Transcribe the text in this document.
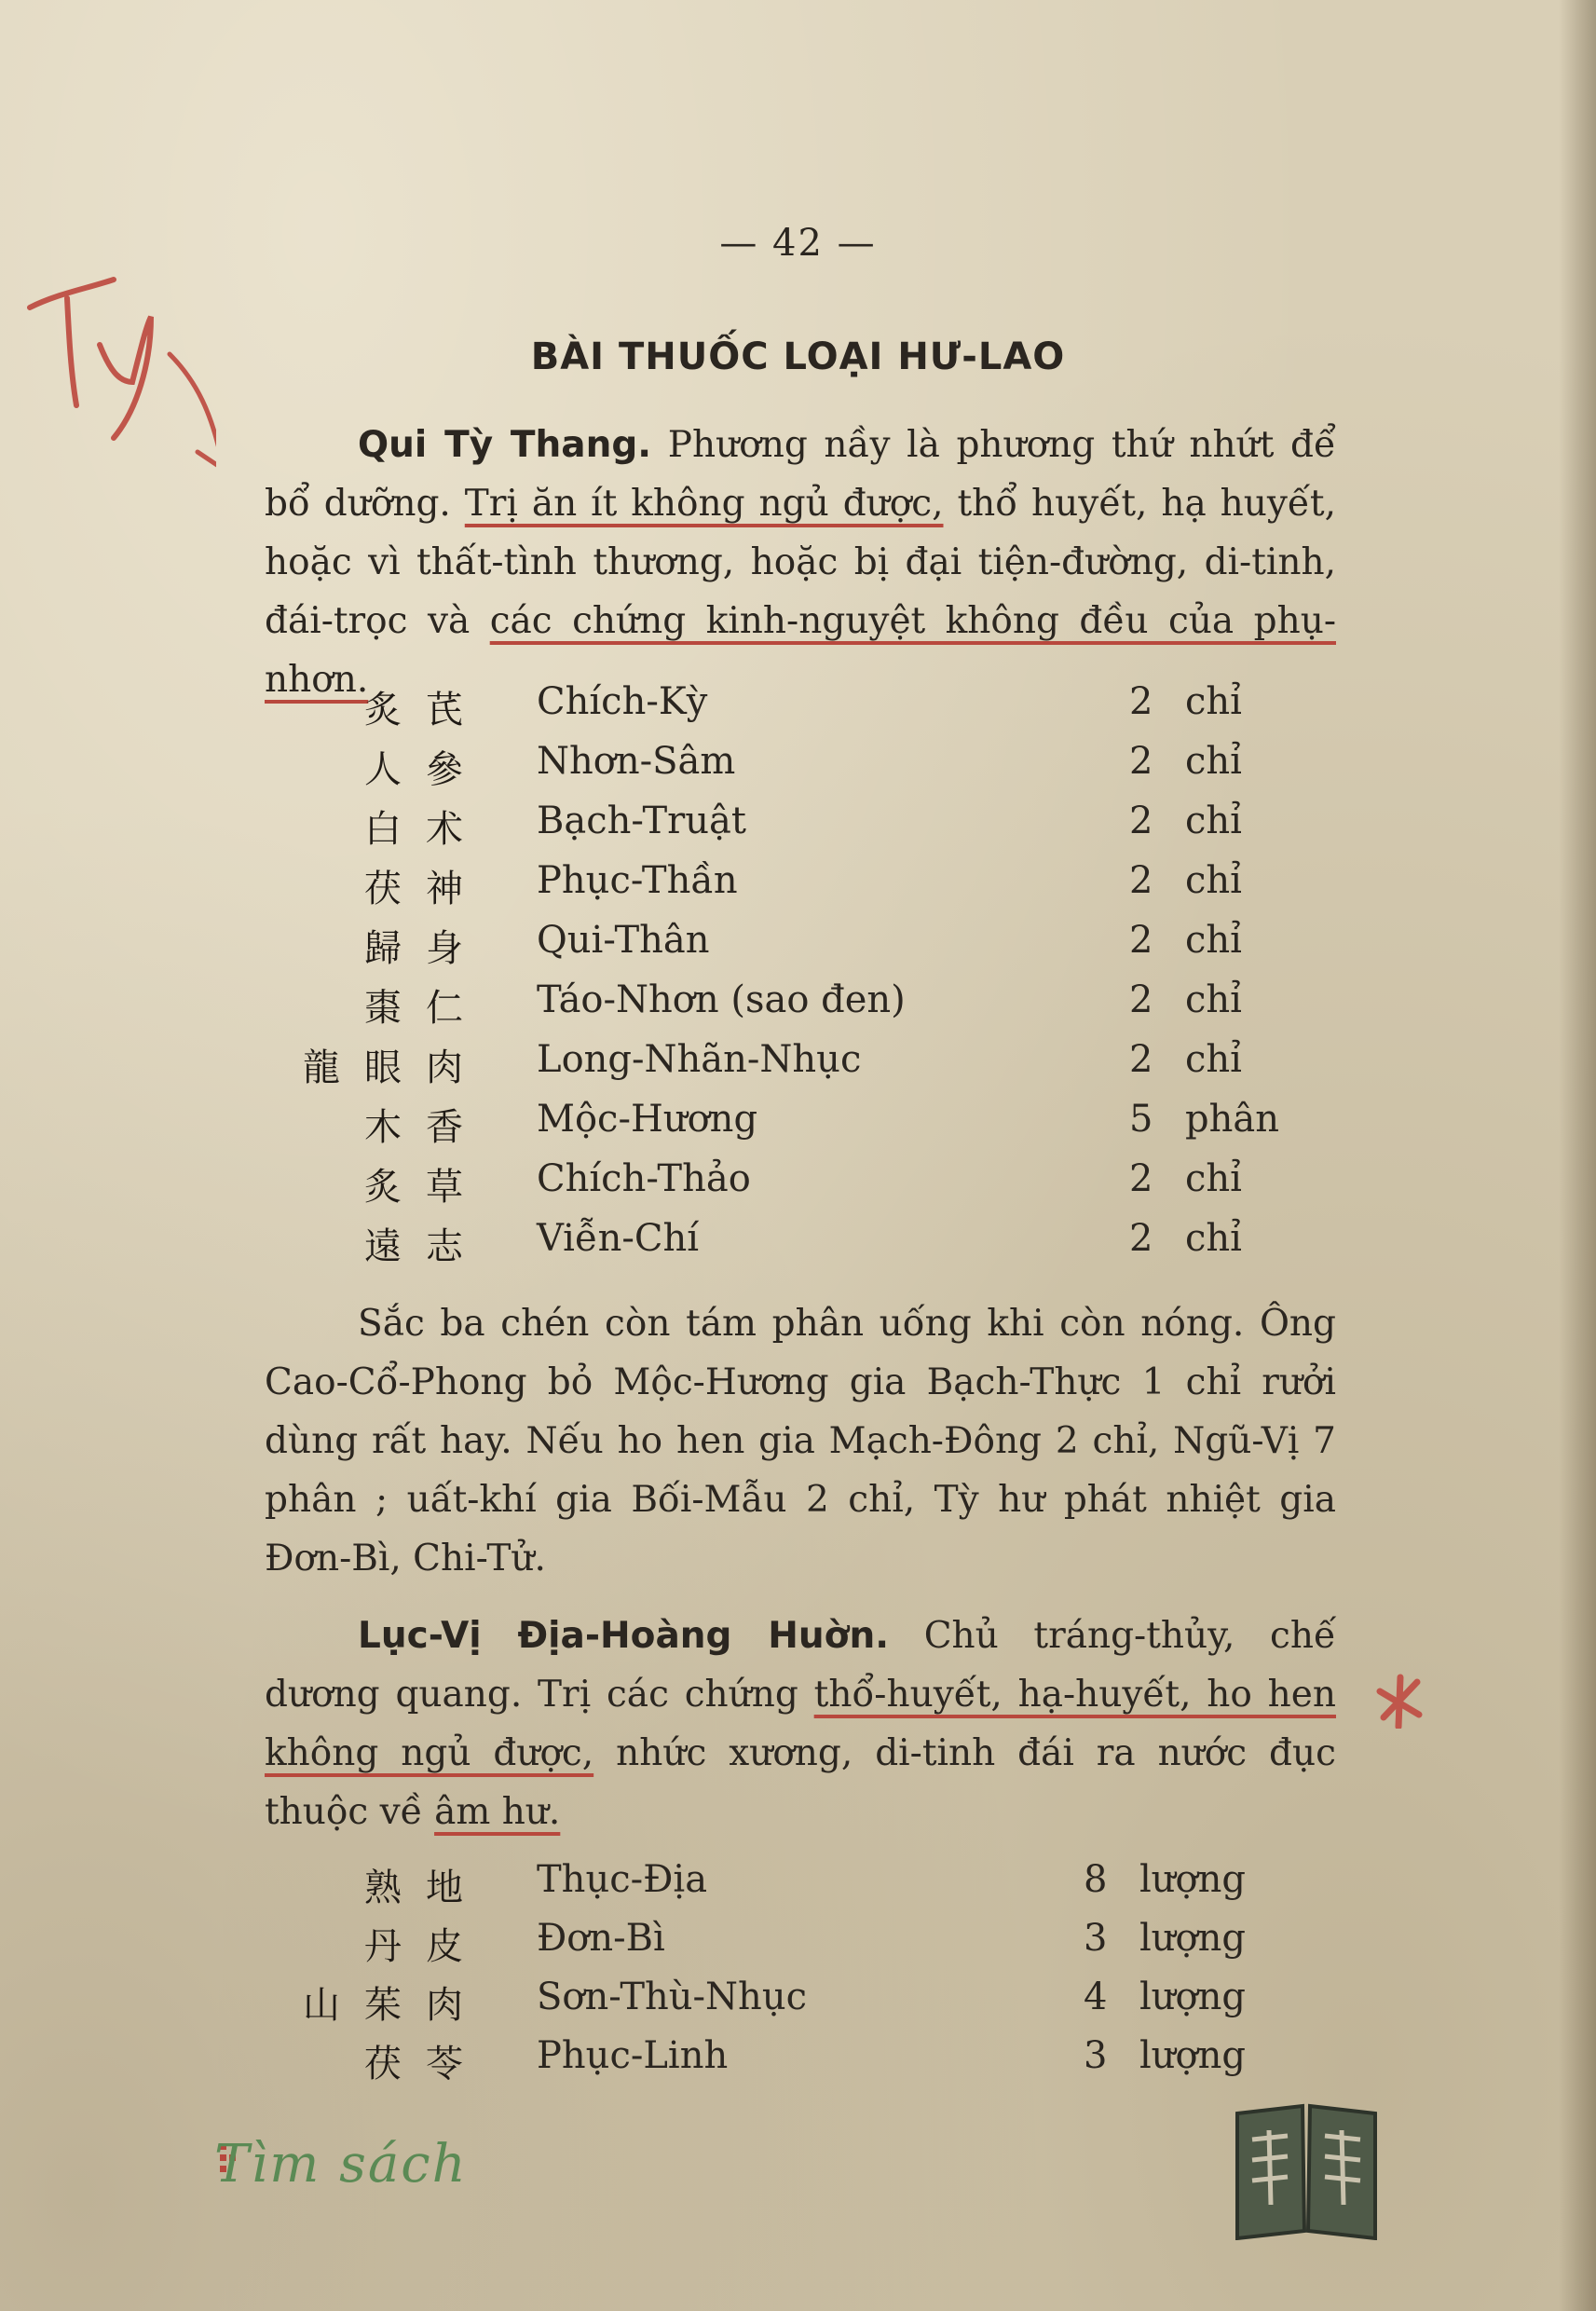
— 42 —
BÀI THUỐC LOẠI HƯ-LAO
Qui Tỳ Thang. Phương nầy là phương thứ nhứt để bổ dưỡng. Trị ăn ít không ngủ được, thổ huyết, hạ huyết, hoặc vì thất-tình thương, hoặc bị đại tiện-đường, di-tinh, đái-trọc và các chứng kinh-nguyệt không đều của phụ-nhơn.
炙芪 Chích-Kỳ	2 chỉ
人參 Nhơn-Sâm	2 chỉ
白术 Bạch-Truật	2 chỉ
茯神 Phục-Thần	2 chỉ
歸身 Qui-Thân	2 chỉ
棗仁 Táo-Nhơn (sao đen)	2 chỉ
龍眼肉 Long-Nhãn-Nhục	2 chỉ
木香 Mộc-Hương	5 phân
炙草 Chích-Thảo	2 chỉ
遠志 Viễn-Chí	2 chỉ
Sắc ba chén còn tám phân uống khi còn nóng. Ông Cao-Cổ-Phong bỏ Mộc-Hương gia Bạch-Thực 1 chỉ rưởi dùng rất hay. Nếu ho hen gia Mạch-Đông 2 chỉ, Ngũ-Vị 7 phân ; uất-khí gia Bối-Mẫu 2 chỉ, Tỳ hư phát nhiệt gia Đơn-Bì, Chi-Tử.
Lục-Vị Địa-Hoàng Huờn. Chủ tráng-thủy, chế dương quang. Trị các chứng thổ-huyết, hạ-huyết, ho hen không ngủ được, nhức xương, di-tinh đái ra nước đục thuộc về âm hư.
熟地 Thục-Địa	8 lượng
丹皮 Đơn-Bì	3 lượng
山茱肉 Sơn-Thù-Nhục	4 lượng
茯苓 Phục-Linh	3 lượng
Tìm sách
